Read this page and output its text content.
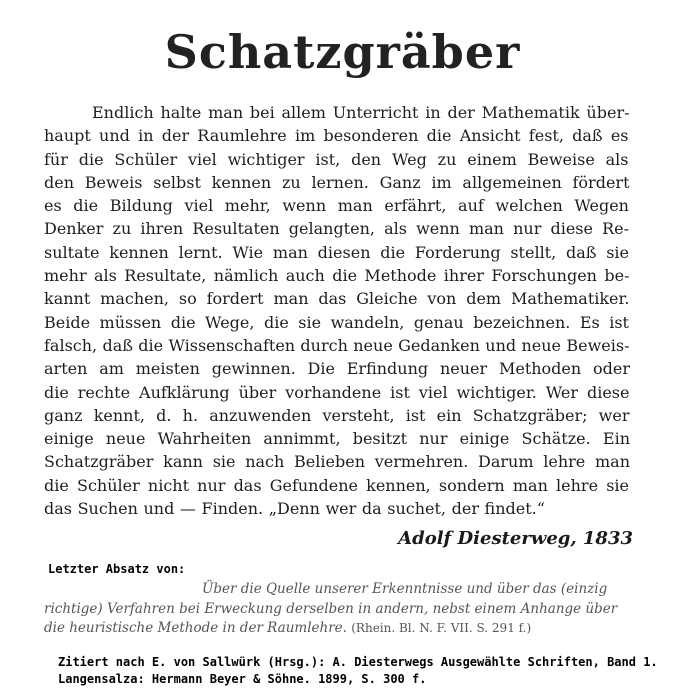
Schatzgräber
Endlich halte man bei allem Unterricht in der Mathematik über-
haupt und in der Raumlehre im besonderen die Ansicht fest, daß es
für die Schüler viel wichtiger ist, den Weg zu einem Beweise als
den Beweis selbst kennen zu lernen. Ganz im allgemeinen fördert
es die Bildung viel mehr, wenn man erfährt, auf welchen Wegen
Denker zu ihren Resultaten gelangten, als wenn man nur diese Re-
sultate kennen lernt. Wie man diesen die Forderung stellt, daß sie
mehr als Resultate, nämlich auch die Methode ihrer Forschungen be-
kannt machen, so fordert man das Gleiche von dem Mathematiker.
Beide müssen die Wege, die sie wandeln, genau bezeichnen. Es ist
falsch, daß die Wissenschaften durch neue Gedanken und neue Beweis-
arten am meisten gewinnen. Die Erfindung neuer Methoden oder
die rechte Aufklärung über vorhandene ist viel wichtiger. Wer diese
ganz kennt, d. h. anzuwenden versteht, ist ein Schatzgräber; wer
einige neue Wahrheiten annimmt, besitzt nur einige Schätze. Ein
Schatzgräber kann sie nach Belieben vermehren. Darum lehre man
die Schüler nicht nur das Gefundene kennen, sondern man lehre sie
das Suchen und — Finden. „Denn wer da suchet, der findet.“
Adolf Diesterweg, 1833
Letzter Absatz von:
Über die Quelle unserer Erkenntnisse und über das (einzig
richtige) Verfahren bei Erweckung derselben in andern, nebst einem Anhange über
die heuristische Methode in der Raumlehre. (Rhein. Bl. N. F. VII. S. 291 f.)
Zitiert nach E. von Sallwürk (Hrsg.): A. Diesterwegs Ausgewählte Schriften, Band 1.
Langensalza: Hermann Beyer & Söhne. 1899, S. 300 f.
